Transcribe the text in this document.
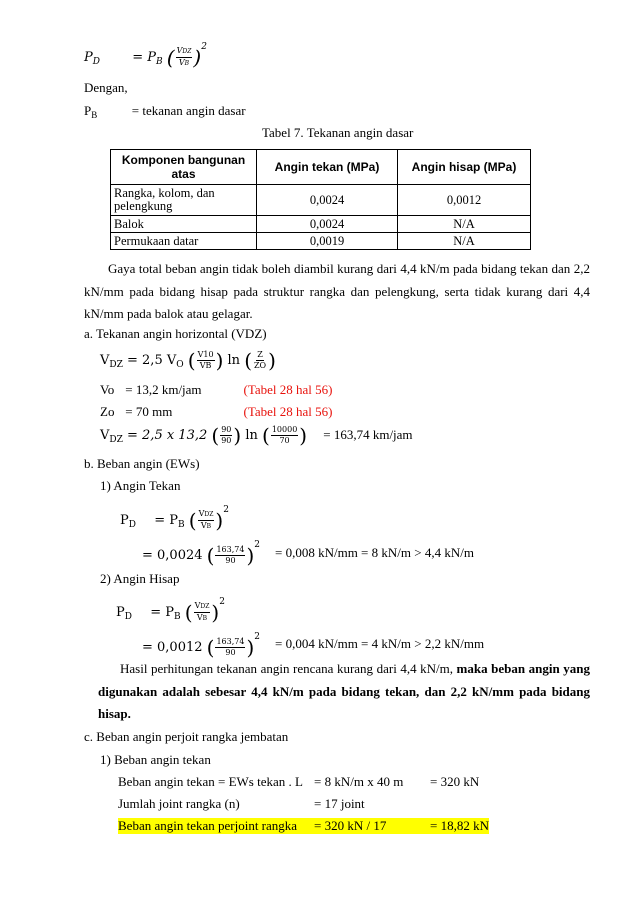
$P_D = P_B$ ( $\frac{\text{VDZ}}{VB} )^2$
Dengan,
$P_B$	= tekanan angin dasar
Tabel 7. Tekanan angin dasar
Komponen bangunan atas	Angin tekan (MPa)	Angin hisap (MPa)
Rangka, kolom, dan pelengkung	0,0024	0,0012
Balok	0,0024	N/A
Permukaan datar	0,0019	N/A
Gaya total beban angin tidak boleh diambil kurang dari 4,4 kN/m pada bidang tekan dan 2,2 kN/mm pada bidang hisap pada struktur rangka dan pelengkung, serta tidak kurang dari 4,4 kN/mm pada balok atau gelagar.
a. Tekanan angin horizontal (VDZ)
$V_{DZ} = 2,5$ $V_O$ ( $\frac{V10}{VB}$ ) ln ( $\frac{Z}{ZO}$ )
Vo = 13,2 km/jam	(Tabel 28 hal 56)
Zo = 70 mm	(Tabel 28 hal 56)
$V_{DZ} = 2,5$ x 13,2 ( $\frac{90}{90}$ ) ln ( $\frac{10000}{70}$ ) = 163,74 km/jam
b. Beban angin (EWs)
1) Angin Tekan
$P_D = P_B$ ( $\frac{\text{VDZ}}{VB} )^2$
= 0,0024 ( $\frac{163,74}{90} )^2 = 0,008$ kN/mm = 8 kN/m > 4,4 kN/m
2) Angin Hisap
$P_D = P_B$ ( $\frac{\text{VDZ}}{VB} )^2$
= 0,0012 ( $\frac{163,74}{90} )^2 = 0,004$ kN/mm = 4 kN/m > 2,2 kN/mm
Hasil perhitungan tekanan angin rencana kurang dari 4,4 kN/m, maka beban angin yang digunakan adalah sebesar 4,4 kN/m pada bidang tekan, dan 2,2 kN/mm pada bidang hisap.
c. Beban angin perjoit rangka jembatan
1) Beban angin tekan
Beban angin tekan = EWs tekan . L = 8 kN/m x 40 m = 320 kN
Jumlah joint rangka (n)	= 17 joint
Beban angin tekan perjoint rangka = 320 kN / 17	= 18,82 kN
